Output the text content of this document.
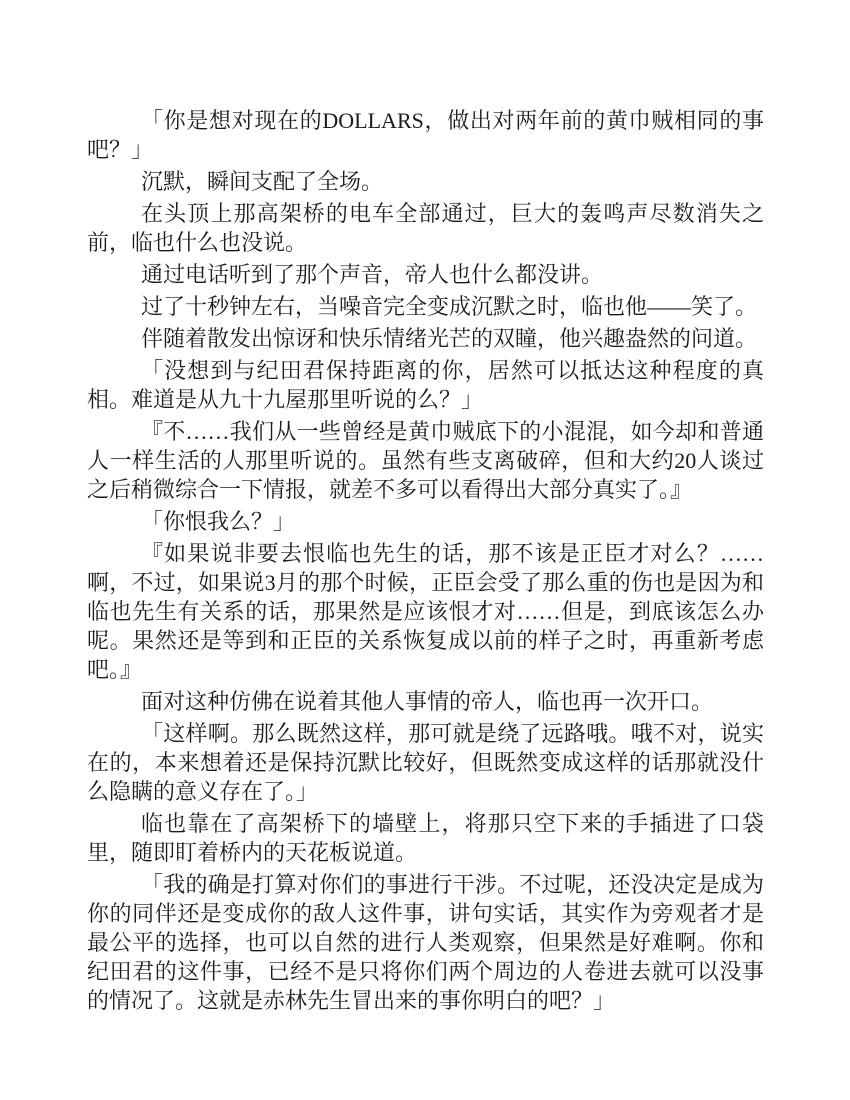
「你是想对现在的DOLLARS，做出对两年前的黄巾贼相同的事吧？」

沉默，瞬间支配了全场。

在头顶上那高架桥的电车全部通过，巨大的轰鸣声尽数消失之前，临也什么也没说。

通过电话听到了那个声音，帝人也什么都没讲。

过了十秒钟左右，当噪音完全变成沉默之时，临也他——笑了。

伴随着散发出惊讶和快乐情绪光芒的双瞳，他兴趣盎然的问道。

「没想到与纪田君保持距离的你，居然可以抵达这种程度的真相。难道是从九十九屋那里听说的么？」

『不……我们从一些曾经是黄巾贼底下的小混混，如今却和普通人一样生活的人那里听说的。虽然有些支离破碎，但和大约20人谈过之后稍微综合一下情报，就差不多可以看得出大部分真实了。』

「你恨我么？」

『如果说非要去恨临也先生的话，那不该是正臣才对么？……啊，不过，如果说3月的那个时候，正臣会受了那么重的伤也是因为和临也先生有关系的话，那果然是应该恨才对……但是，到底该怎么办呢。果然还是等到和正臣的关系恢复成以前的样子之时，再重新考虑吧。』

面对这种仿佛在说着其他人事情的帝人，临也再一次开口。

「这样啊。那么既然这样，那可就是绕了远路哦。哦不对，说实在的，本来想着还是保持沉默比较好，但既然变成这样的话那就没什么隐瞒的意义存在了。」

临也靠在了高架桥下的墙壁上，将那只空下来的手插进了口袋里，随即盯着桥内的天花板说道。

「我的确是打算对你们的事进行干涉。不过呢，还没决定是成为你的同伴还是变成你的敌人这件事，讲句实话，其实作为旁观者才是最公平的选择，也可以自然的进行人类观察，但果然是好难啊。你和纪田君的这件事，已经不是只将你们两个周边的人卷进去就可以没事的情况了。这就是赤林先生冒出来的事你明白的吧？」
